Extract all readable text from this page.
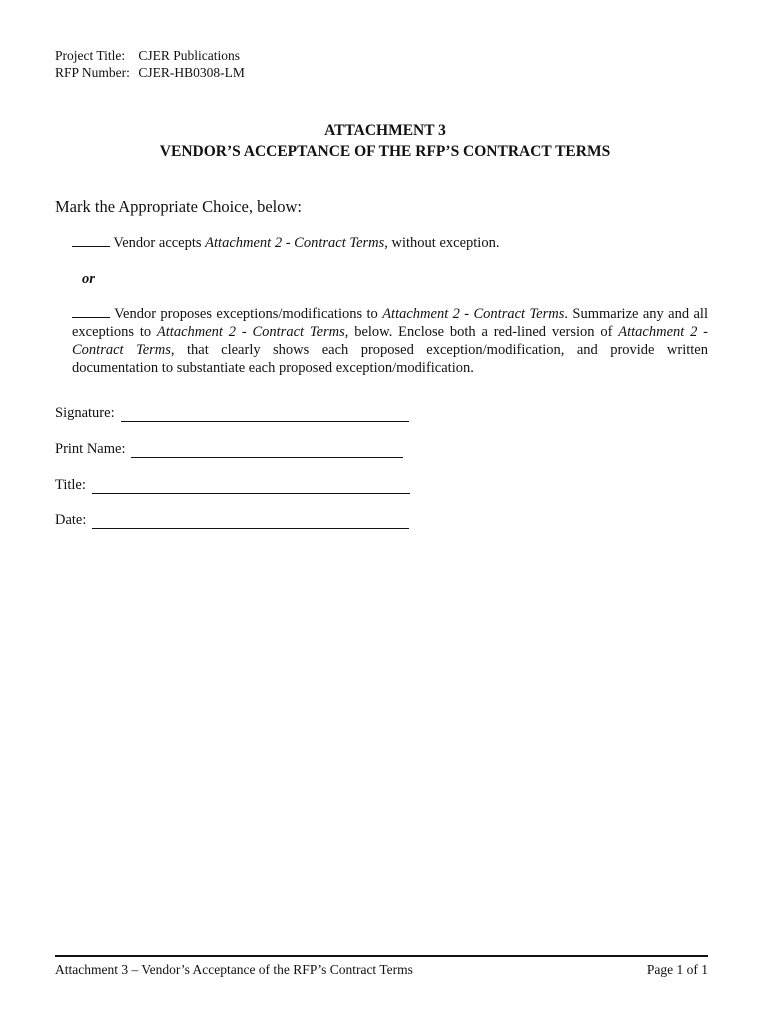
Project Title: CJER Publications
RFP Number: CJER-HB0308-LM
ATTACHMENT 3
VENDOR’S ACCEPTANCE OF THE RFP’S CONTRACT TERMS
Mark the Appropriate Choice, below:
Vendor accepts Attachment 2 - Contract Terms, without exception.
or
Vendor proposes exceptions/modifications to Attachment 2 - Contract Terms. Summarize any and all exceptions to Attachment 2 - Contract Terms, below. Enclose both a red-lined version of Attachment 2 - Contract Terms, that clearly shows each proposed exception/modification, and provide written documentation to substantiate each proposed exception/modification.
Signature:
Print Name:
Title:
Date:
Attachment 3 – Vendor’s Acceptance of the RFP’s Contract Terms	Page 1 of 1
